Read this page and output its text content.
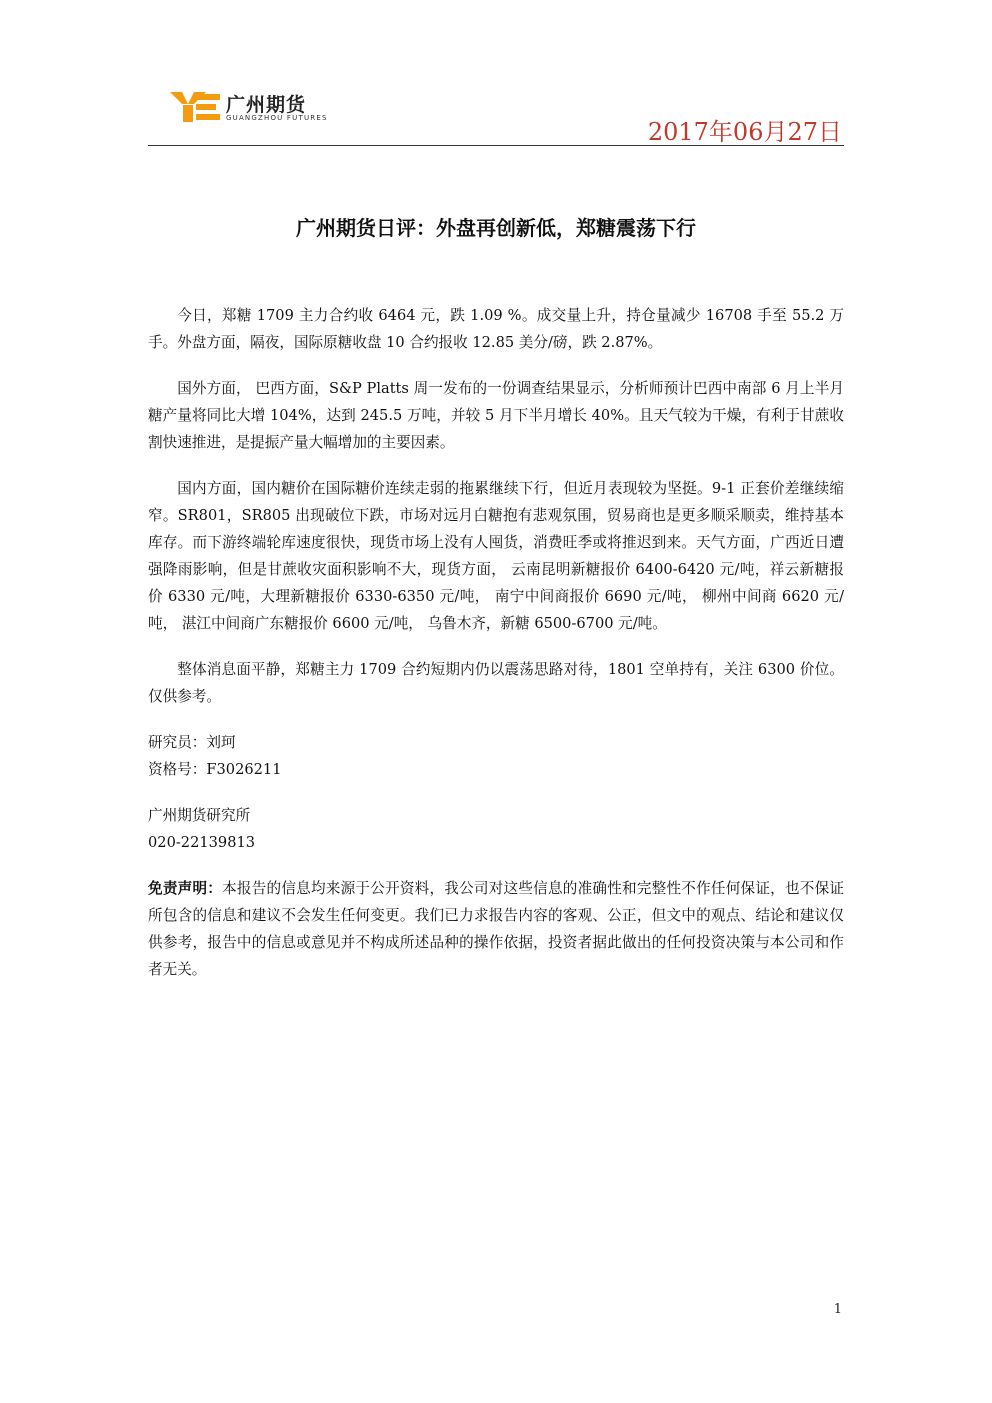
广州期货
GUANGZHOU FUTURES	2017年06月27日
广州期货日评：外盘再创新低，郑糖震荡下行

今日，郑糖 1709 主力合约收 6464 元，跌 1.09 %。成交量上升，持仓量减少 16708 手至 55.2 万手。外盘方面，隔夜，国际原糖收盘 10 合约报收 12.85 美分/磅，跌 2.87%。

国外方面， 巴西方面，S&P Platts 周一发布的一份调查结果显示，分析师预计巴西中南部 6 月上半月糖产量将同比大增 104%，达到 245.5 万吨，并较 5 月下半月增长 40%。且天气较为干燥，有利于甘蔗收割快速推进，是提振产量大幅增加的主要因素。

国内方面，国内糖价在国际糖价连续走弱的拖累继续下行，但近月表现较为坚挺。9-1 正套价差继续缩窄。SR801，SR805 出现破位下跌，市场对远月白糖抱有悲观氛围，贸易商也是更多顺采顺卖，维持基本库存。而下游终端轮库速度很快，现货市场上没有人囤货，消费旺季或将推迟到来。天气方面，广西近日遭强降雨影响，但是甘蔗收灾面积影响不大，现货方面， 云南昆明新糖报价 6400-6420 元/吨，祥云新糖报价 6330 元/吨，大理新糖报价 6330-6350 元/吨， 南宁中间商报价 6690 元/吨， 柳州中间商 6620 元/吨， 湛江中间商广东糖报价 6600 元/吨， 乌鲁木齐，新糖 6500-6700 元/吨。

整体消息面平静，郑糖主力 1709 合约短期内仍以震荡思路对待，1801 空单持有，关注 6300 价位。仅供参考。

研究员：刘珂

资格号：F3026211

广州期货研究所

020-22139813

免责声明：本报告的信息均来源于公开资料，我公司对这些信息的准确性和完整性不作任何保证，也不保证所包含的信息和建议不会发生任何变更。我们已力求报告内容的客观、公正，但文中的观点、结论和建议仅供参考，报告中的信息或意见并不构成所述品种的操作依据，投资者据此做出的任何投资决策与本公司和作者无关。

1
